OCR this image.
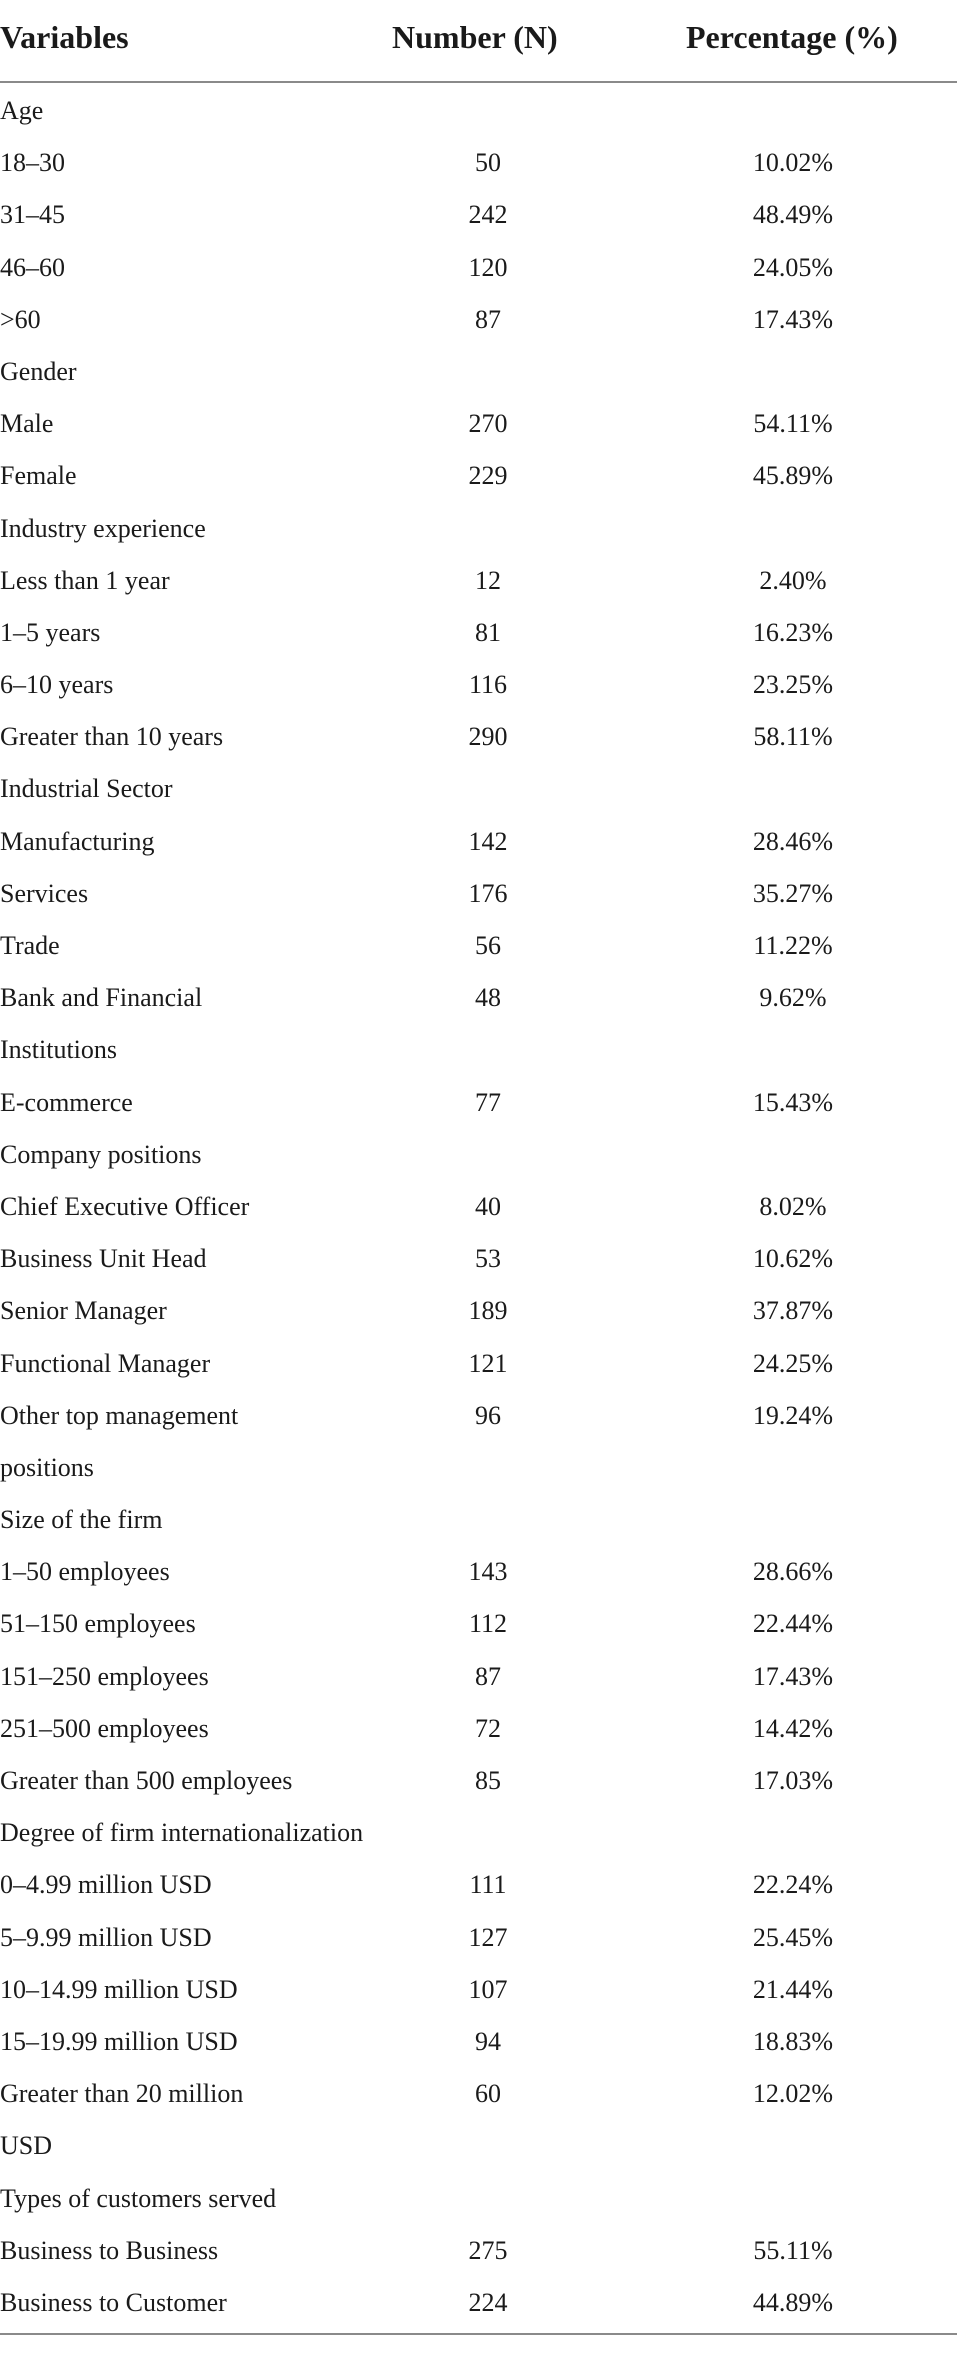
Variables	Number (N)	Percentage (%)
Age
18–30	50	10.02%
31–45	242	48.49%
46–60	120	24.05%
>60	87	17.43%
Gender
Male	270	54.11%
Female	229	45.89%
Industry experience
Less than 1 year	12	2.40%
1–5 years	81	16.23%
6–10 years	116	23.25%
Greater than 10 years	290	58.11%
Industrial Sector
Manufacturing	142	28.46%
Services	176	35.27%
Trade	56	11.22%
Bank and Financial	48	9.62%
Institutions
E-commerce	77	15.43%
Company positions
Chief Executive Officer	40	8.02%
Business Unit Head	53	10.62%
Senior Manager	189	37.87%
Functional Manager	121	24.25%
Other top management	96	19.24%
positions
Size of the firm
1–50 employees	143	28.66%
51–150 employees	112	22.44%
151–250 employees	87	17.43%
251–500 employees	72	14.42%
Greater than 500 employees	85	17.03%
Degree of firm internationalization
0–4.99 million USD	111	22.24%
5–9.99 million USD	127	25.45%
10–14.99 million USD	107	21.44%
15–19.99 million USD	94	18.83%
Greater than 20 million	60	12.02%
USD
Types of customers served
Business to Business	275	55.11%
Business to Customer	224	44.89%
